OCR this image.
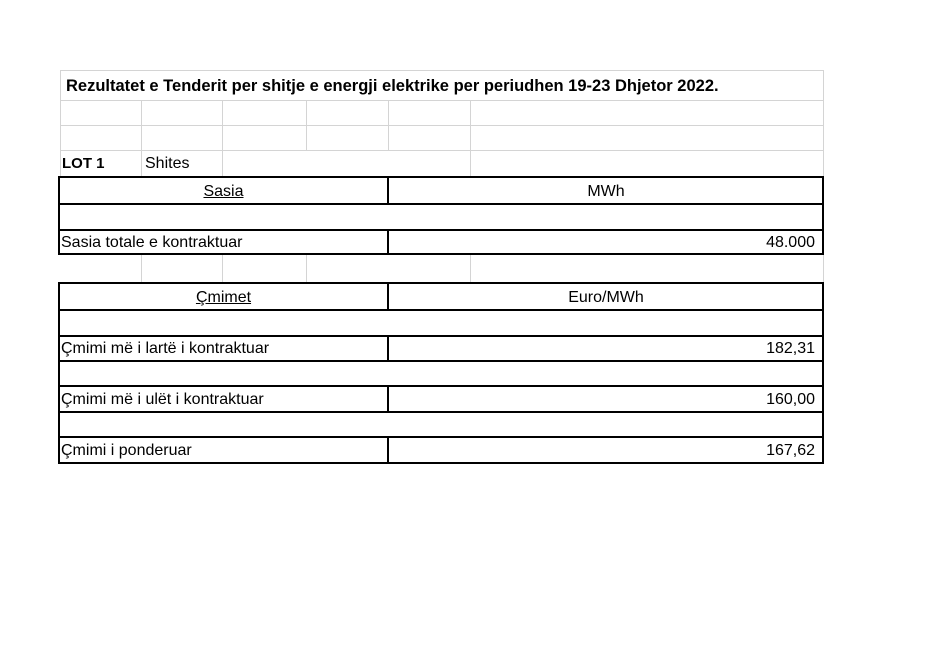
Rezultatet e Tenderit per shitje e energji elektrike per periudhen 19-23 Dhjetor 2022.
LOT 1	Shites
Sasia	MWh
Sasia totale e kontraktuar	48.000
Çmimet	Euro/MWh
Çmimi më i lartë i kontraktuar	182,31
Çmimi më i ulët i kontraktuar	160,00
Çmimi i ponderuar	167,62
